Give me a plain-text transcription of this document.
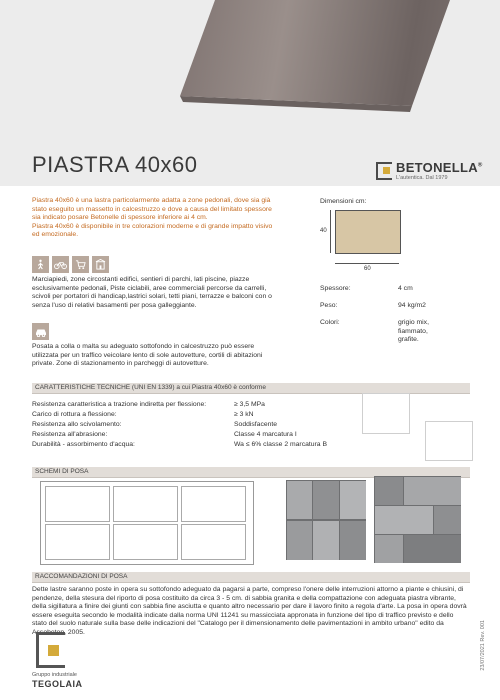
PIASTRA 40x60	BETONELLA®
L'autentica. Dal 1979
Piastra 40x60 è una lastra particolarmente adatta a zone pedonali, dove sia già stato eseguito un massetto in calcestruzzo e dove a causa del limitato spessore sia indicato posare Betonelle di spessore inferiore ai 4 cm.
Piastra 40x60 è disponibile in tre colorazioni moderne e di grande impatto visivo ed emozionale.
Marciapiedi, zone circostanti edifici, sentieri di parchi, lati piscine, piazze esclusivamente pedonali, Piste ciclabili, aree commerciali percorse da carrelli, scivoli per portatori di handicap,lastrici solari, tetti piani, terrazze e balconi con o senza l'uso di relativi basamenti per posa galleggiante.
Posata a colla o malta su adeguato sottofondo in calcestruzzo può essere utilizzata per un traffico veicolare lento di sole autovetture, cortili di abitazioni private. Zone di stazionamento in parcheggi di autovetture.
Dimensioni cm:
40
60
Spessore:	4 cm
Peso:	94 kg/m2
Colori:	grigio mix, fiammato, grafite.
CARATTERISTICHE TECNICHE (UNI EN 1339) a cui Piastra 40x60 è conforme
Resistenza caratteristica a trazione indiretta per flessione:	≥ 3,5 MPa
Carico di rottura a flessione:	≥ 3 kN
Resistenza allo scivolamento:	Soddisfacente
Resistenza all'abrasione:	Classe 4 marcatura I
Durabilità - assorbimento d'acqua:	Wa ≤ 6% classe 2 marcatura B
SCHEMI DI POSA
RACCOMANDAZIONI DI POSA
Dette lastre saranno poste in opera su sottofondo adeguato da pagarsi a parte, compreso l'onere delle interruzioni attorno a piante e chiusini, di pendenze, della stesura del riporto di posa costituito da circa 3 - 5 cm. di sabbia granita e della compattazione con adeguata piastra vibrante, della sigillatura a finire dei giunti con sabbia fine asciutta e quanto altro necessario per dare il lavoro finito a regola d'arte. La posa in opera dovrà essere eseguita secondo le modalità indicate dalla norma UNI 11241 su massicciata appronata in funzione del tipo di traffico previsto e dello stato del suolo naturale sulla base delle indicazioni del "Catalogo per il dimensionamento delle pavimentazioni in ambito urbano" edito da Assobeton, 2005.
Gruppo industriale
TEGOLAIA
23/07/2021 Rev. 001
